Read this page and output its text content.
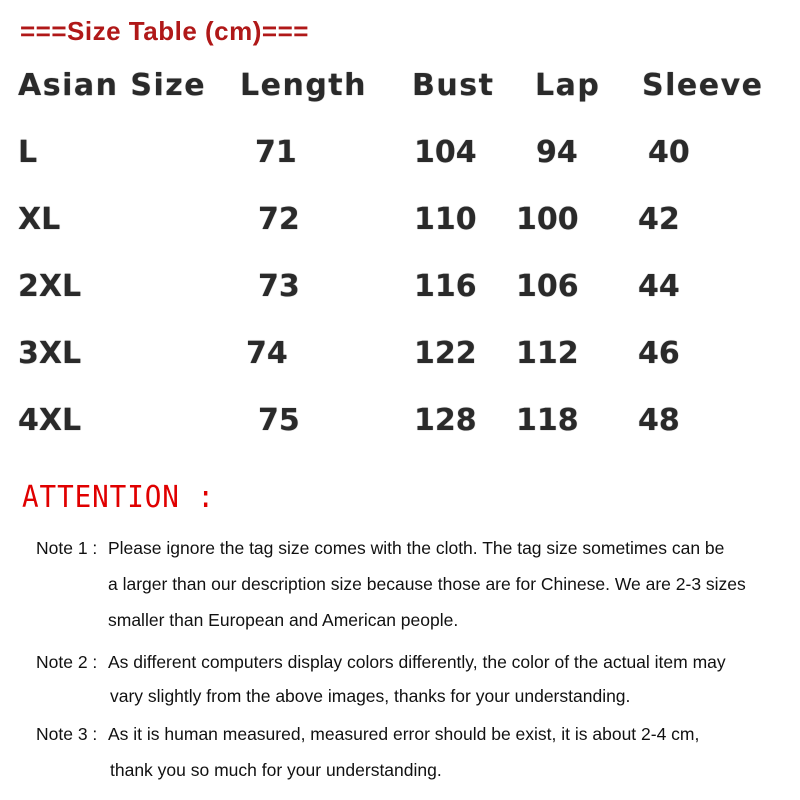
===Size Table (cm)===
Asian Size Length Bust Lap Sleeve
L	71	104 94 40
XL	72	110 100 42
2XL	73	116 106 44
3XL	74	122 112 46
4XL	75	128 118 48
ATTENTION :
Note 1 : Please ignore the tag size comes with the cloth. The tag size sometimes can be
a larger than our description size because those are for Chinese. We are 2-3 sizes
smaller than European and American people.
Note 2 : As different computers display colors differently, the color of the actual item may
vary slightly from the above images, thanks for your understanding.
Note 3 : As it is human measured, measured error should be exist, it is about 2-4 cm,
thank you so much for your understanding.
